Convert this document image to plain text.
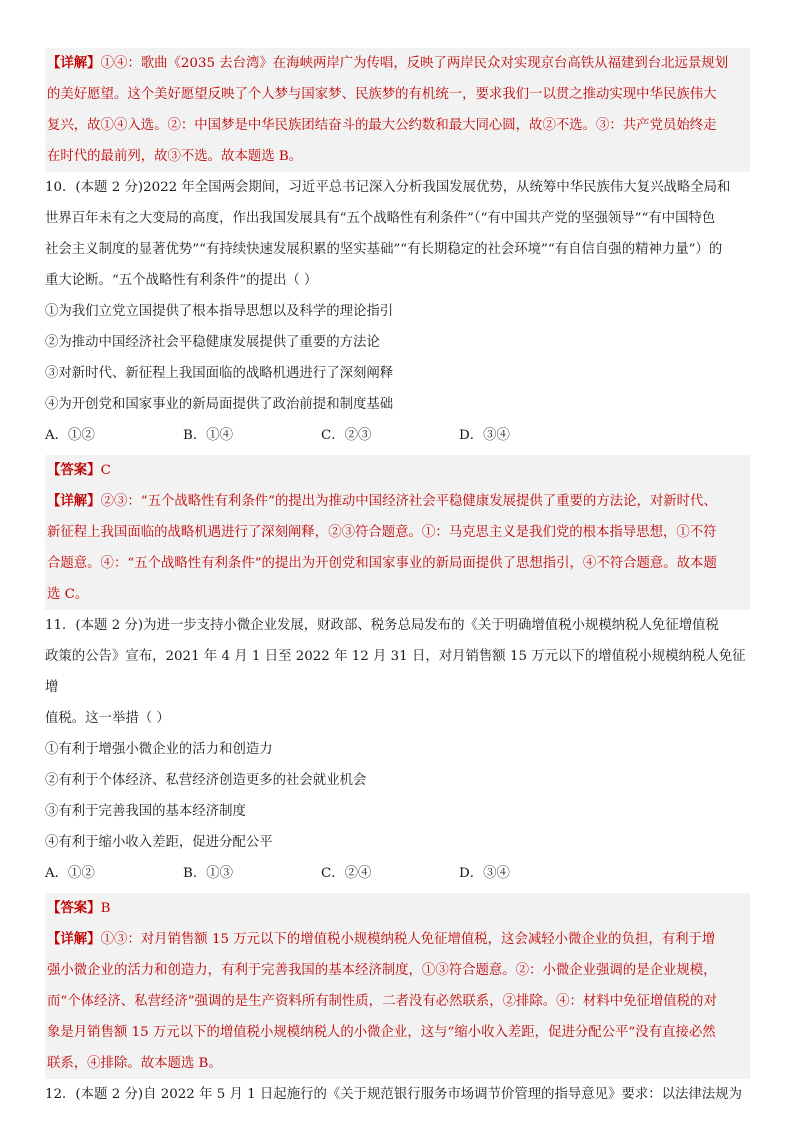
【详解】①④：歌曲《2035 去台湾》在海峡两岸广为传唱，反映了两岸民众对实现京台高铁从福建到台北远景规划

的美好愿望。这个美好愿望反映了个人梦与国家梦、民族梦的有机统一，要求我们一以贯之推动实现中华民族伟大

复兴，故①④入选。②：中国梦是中华民族团结奋斗的最大公约数和最大同心圆，故②不选。③：共产党员始终走

在时代的最前列，故③不选。故本题选 B。

10．(本题 2 分)2022 年全国两会期间，习近平总书记深入分析我国发展优势，从统筹中华民族伟大复兴战略全局和

世界百年未有之大变局的高度，作出我国发展具有“五个战略性有利条件”（“有中国共产党的坚强领导”“有中国特色

社会主义制度的显著优势”“有持续快速发展积累的坚实基础”“有长期稳定的社会环境”“有自信自强的精神力量”）的

重大论断。“五个战略性有利条件”的提出（ ）

①为我们立党立国提供了根本指导思想以及科学的理论指引

②为推动中国经济社会平稳健康发展提供了重要的方法论

③对新时代、新征程上我国面临的战略机遇进行了深刻阐释

④为开创党和国家事业的新局面提供了政治前提和制度基础

A．①②	B．①④	C．②③	D．③④

【答案】C

【详解】②③：“五个战略性有利条件”的提出为推动中国经济社会平稳健康发展提供了重要的方法论，对新时代、

新征程上我国面临的战略机遇进行了深刻阐释，②③符合题意。①：马克思主义是我们党的根本指导思想，①不符

合题意。④：“五个战略性有利条件”的提出为开创党和国家事业的新局面提供了思想指引，④不符合题意。故本题

选 C。

11．(本题 2 分)为进一步支持小微企业发展，财政部、税务总局发布的《关于明确增值税小规模纳税人免征增值税

政策的公告》宣布，2021 年 4 月 1 日至 2022 年 12 月 31 日，对月销售额 15 万元以下的增值税小规模纳税人免征增

值税。这一举措（ ）

①有利于增强小微企业的活力和创造力

②有利于个体经济、私营经济创造更多的社会就业机会

③有利于完善我国的基本经济制度

④有利于缩小收入差距，促进分配公平

A．①②	B．①③	C．②④	D．③④

【答案】B

【详解】①③：对月销售额 15 万元以下的增值税小规模纳税人免征增值税，这会减轻小微企业的负担，有利于增

强小微企业的活力和创造力，有利于完善我国的基本经济制度，①③符合题意。②：小微企业强调的是企业规模，

而“个体经济、私营经济”强调的是生产资料所有制性质，二者没有必然联系，②排除。④：材料中免征增值税的对

象是月销售额 15 万元以下的增值税小规模纳税人的小微企业，这与“缩小收入差距，促进分配公平”没有直接必然

联系，④排除。故本题选 B。

12．(本题 2 分)自 2022 年 5 月 1 日起施行的《关于规范银行服务市场调节价管理的指导意见》要求：以法律法规为
